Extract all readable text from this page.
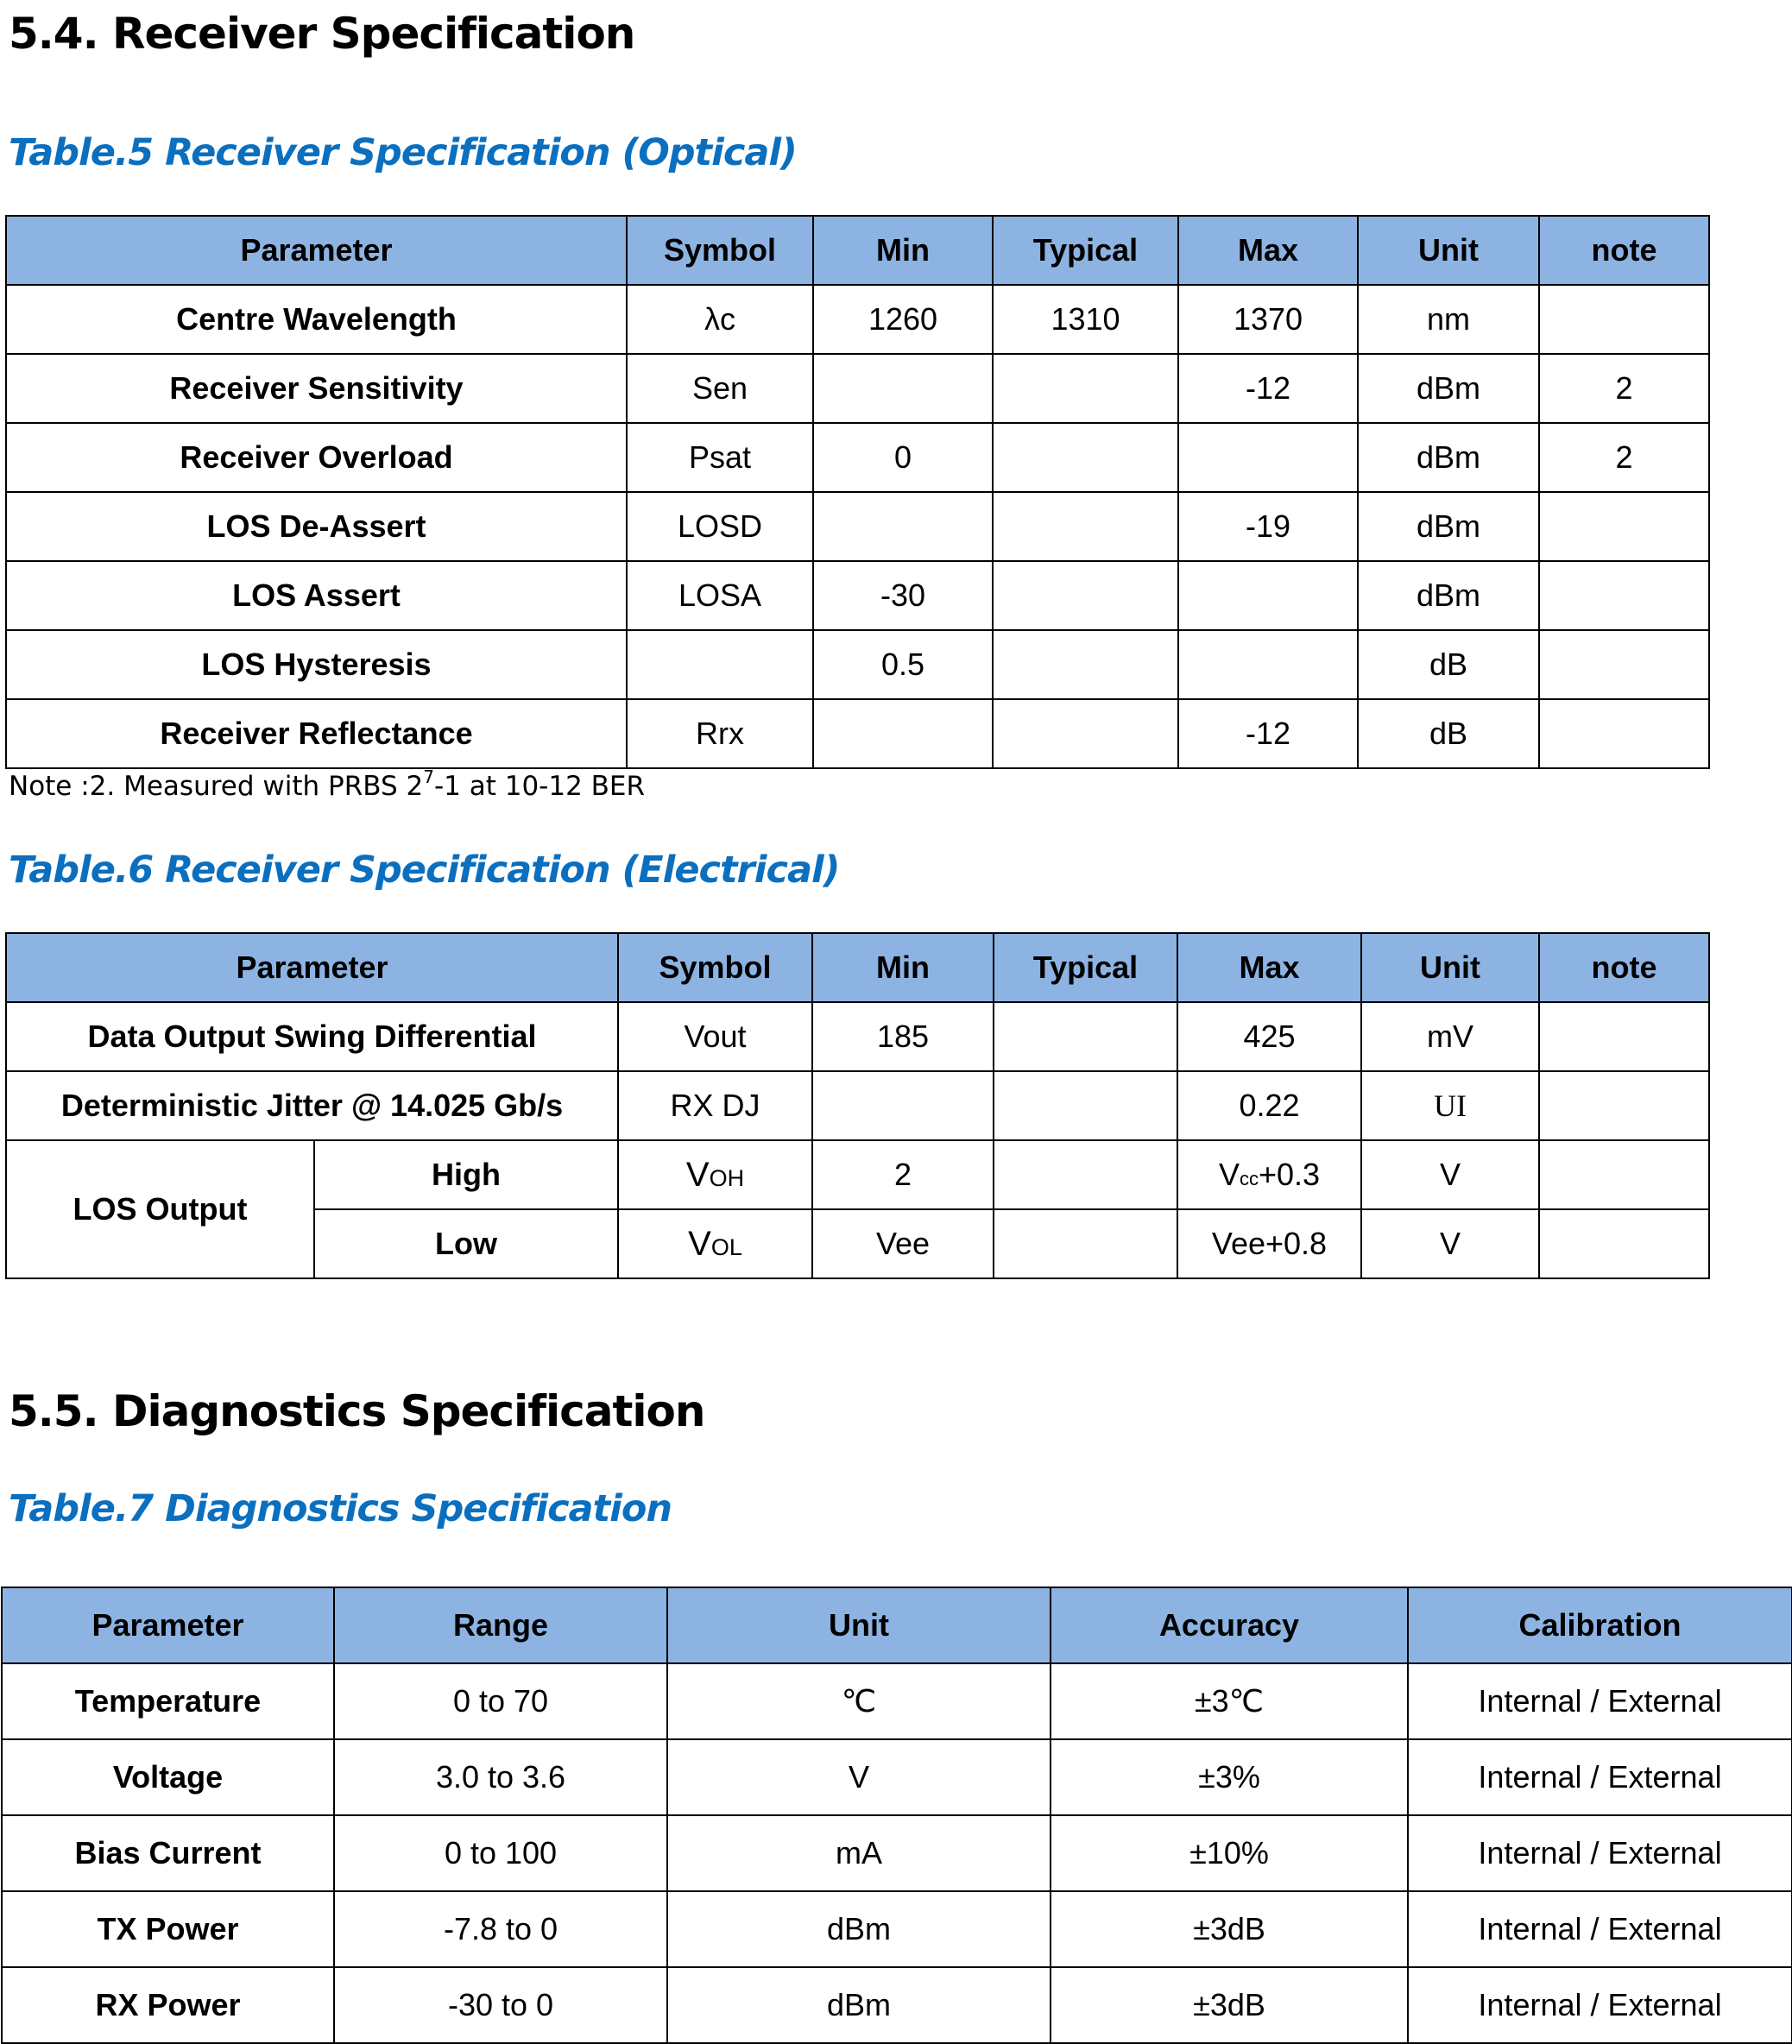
5.4. Receiver Specification
Table.5 Receiver Specification (Optical)
Parameter	Symbol	Min	Typical	Max	Unit	note
Centre Wavelength	λc	1260	1310	1370	nm	
Receiver Sensitivity	Sen			-12	dBm	2
Receiver Overload	Psat	0			dBm	2
LOS De-Assert	LOSD			-19	dBm	
LOS Assert	LOSA	-30			dBm	
LOS Hysteresis		0.5			dB	
Receiver Reflectance	Rrx			-12	dB	
Note :2. Measured with PRBS $2^7-1$ at 10-12 BER
Table.6 Receiver Specification (Electrical)
Parameter		Symbol	Min	Typical	Max	Unit	note
Data Output Swing Differential		Vout	185		425	mV	
Deterministic Jitter @ 14.025 Gb/s		RX DJ			0.22	UI	
LOS Output	High	VOH	2		Vcc+0.3	V	
	Low	VOL	Vee		Vee+0.8	V	
5.5. Diagnostics Specification
Table.7 Diagnostics Specification
Parameter	Range	Unit	Accuracy	Calibration
Temperature	0 to 70	℃	±3℃	Internal / External
Voltage	3.0 to 3.6	V	±3%	Internal / External
Bias Current	0 to 100	mA	±10%	Internal / External
TX Power	-7.8 to 0	dBm	±3dB	Internal / External
RX Power	-30 to 0	dBm	±3dB	Internal / External
